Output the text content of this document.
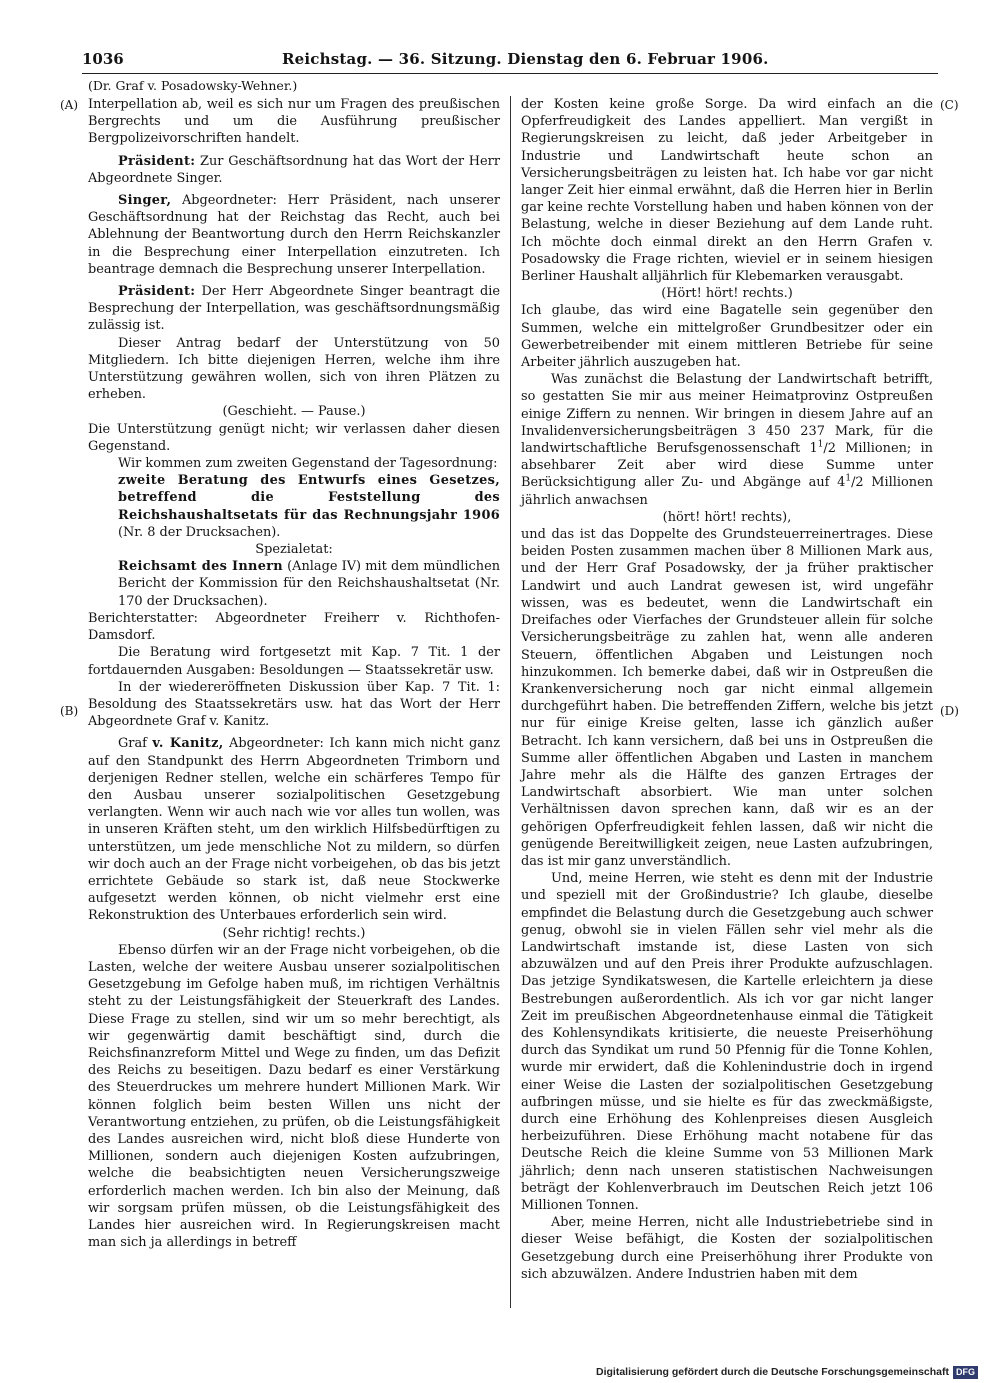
1036	Reichstag. — 36. Sitzung. Dienstag den 6. Februar 1906.
(Dr. Graf v. Posadowsky-Wehner.)
(A)
(B)
(C)
(D)

Interpellation ab, weil es sich nur um Fragen des preußischen Bergrechts und um die Ausführung preußischer Bergpolizeivorschriften handelt.

Präsident: Zur Geschäftsordnung hat das Wort der Herr Abgeordnete Singer.

Singer, Abgeordneter: Herr Präsident, nach unserer Geschäftsordnung hat der Reichstag das Recht, auch bei Ablehnung der Beantwortung durch den Herrn Reichskanzler in die Besprechung einer Interpellation einzutreten. Ich beantrage demnach die Besprechung unserer Interpellation.

Präsident: Der Herr Abgeordnete Singer beantragt die Besprechung der Interpellation, was geschäftsordnungsmäßig zulässig ist.

Dieser Antrag bedarf der Unterstützung von 50 Mitgliedern. Ich bitte diejenigen Herren, welche ihm ihre Unterstützung gewähren wollen, sich von ihren Plätzen zu erheben.

(Geschieht. — Pause.)

Die Unterstützung genügt nicht; wir verlassen daher diesen Gegenstand.

Wir kommen zum zweiten Gegenstand der Tagesordnung:

zweite Beratung des Entwurfs eines Gesetzes, betreffend die Feststellung des Reichshaushaltsetats für das Rechnungsjahr 1906 (Nr. 8 der Drucksachen).

Spezialetat:

Reichsamt des Innern (Anlage IV) mit dem mündlichen Bericht der Kommission für den Reichshaushaltsetat (Nr. 170 der Drucksachen).

Berichterstatter: Abgeordneter Freiherr v. Richthofen-Damsdorf.

Die Beratung wird fortgesetzt mit Kap. 7 Tit. 1 der fortdauernden Ausgaben: Besoldungen — Staatssekretär usw.

In der wiedereröffneten Diskussion über Kap. 7 Tit. 1: Besoldung des Staatssekretärs usw. hat das Wort der Herr Abgeordnete Graf v. Kanitz.

Graf v. Kanitz, Abgeordneter: Ich kann mich nicht ganz auf den Standpunkt des Herrn Abgeordneten Trimborn und derjenigen Redner stellen, welche ein schärferes Tempo für den Ausbau unserer sozialpolitischen Gesetzgebung verlangten. Wenn wir auch nach wie vor alles tun wollen, was in unseren Kräften steht, um den wirklich Hilfsbedürftigen zu unterstützen, um jede menschliche Not zu mildern, so dürfen wir doch auch an der Frage nicht vorbeigehen, ob das bis jetzt errichtete Gebäude so stark ist, daß neue Stockwerke aufgesetzt werden können, ob nicht vielmehr erst eine Rekonstruktion des Unterbaues erforderlich sein wird.

(Sehr richtig! rechts.)

Ebenso dürfen wir an der Frage nicht vorbeigehen, ob die Lasten, welche der weitere Ausbau unserer sozialpolitischen Gesetzgebung im Gefolge haben muß, im richtigen Verhältnis steht zu der Leistungsfähigkeit der Steuerkraft des Landes. Diese Frage zu stellen, sind wir um so mehr berechtigt, als wir gegenwärtig damit beschäftigt sind, durch die Reichsfinanzreform Mittel und Wege zu finden, um das Defizit des Reichs zu beseitigen. Dazu bedarf es einer Verstärkung des Steuerdruckes um mehrere hundert Millionen Mark. Wir können folglich beim besten Willen uns nicht der Verantwortung entziehen, zu prüfen, ob die Leistungsfähigkeit des Landes ausreichen wird, nicht bloß diese Hunderte von Millionen, sondern auch diejenigen Kosten aufzubringen, welche die beabsichtigten neuen Versicherungszweige erforderlich machen werden. Ich bin also der Meinung, daß wir sorgsam prüfen müssen, ob die Leistungsfähigkeit des Landes hier ausreichen wird. In Regierungskreisen macht man sich ja allerdings in betreff

der Kosten keine große Sorge. Da wird einfach an die Opferfreudigkeit des Landes appelliert. Man vergißt in Regierungskreisen zu leicht, daß jeder Arbeitgeber in Industrie und Landwirtschaft heute schon an Versicherungsbeiträgen zu leisten hat. Ich habe vor gar nicht langer Zeit hier einmal erwähnt, daß die Herren hier in Berlin gar keine rechte Vorstellung haben und haben können von der Belastung, welche in dieser Beziehung auf dem Lande ruht. Ich möchte doch einmal direkt an den Herrn Grafen v. Posadowsky die Frage richten, wieviel er in seinem hiesigen Berliner Haushalt alljährlich für Klebemarken verausgabt.

(Hört! hört! rechts.)

Ich glaube, das wird eine Bagatelle sein gegenüber den Summen, welche ein mittelgroßer Grundbesitzer oder ein Gewerbetreibender mit einem mittleren Betriebe für seine Arbeiter jährlich auszugeben hat.

Was zunächst die Belastung der Landwirtschaft betrifft, so gestatten Sie mir aus meiner Heimatprovinz Ostpreußen einige Ziffern zu nennen. Wir bringen in diesem Jahre auf an Invalidenversicherungsbeiträgen 3 450 237 Mark, für die landwirtschaftliche Berufsgenossenschaft $1^1/2$ Millionen; in absehbarer Zeit aber wird diese Summe unter Berücksichtigung aller Zu- und Abgänge auf $4^1/2$ Millionen jährlich anwachsen

(hört! hört! rechts),

und das ist das Doppelte des Grundsteuerreinertrages. Diese beiden Posten zusammen machen über 8 Millionen Mark aus, und der Herr Graf Posadowsky, der ja früher praktischer Landwirt und auch Landrat gewesen ist, wird ungefähr wissen, was es bedeutet, wenn die Landwirtschaft ein Dreifaches oder Vierfaches der Grundsteuer allein für solche Versicherungsbeiträge zu zahlen hat, wenn alle anderen Steuern, öffentlichen Abgaben und Leistungen noch hinzukommen. Ich bemerke dabei, daß wir in Ostpreußen die Krankenversicherung noch gar nicht einmal allgemein durchgeführt haben. Die betreffenden Ziffern, welche bis jetzt nur für einige Kreise gelten, lasse ich gänzlich außer Betracht. Ich kann versichern, daß bei uns in Ostpreußen die Summe aller öffentlichen Abgaben und Lasten in manchem Jahre mehr als die Hälfte des ganzen Ertrages der Landwirtschaft absorbiert. Wie man unter solchen Verhältnissen davon sprechen kann, daß wir es an der gehörigen Opferfreudigkeit fehlen lassen, daß wir nicht die genügende Bereitwilligkeit zeigen, neue Lasten aufzubringen, das ist mir ganz unverständlich.

Und, meine Herren, wie steht es denn mit der Industrie und speziell mit der Großindustrie? Ich glaube, dieselbe empfindet die Belastung durch die Gesetzgebung auch schwer genug, obwohl sie in vielen Fällen sehr viel mehr als die Landwirtschaft imstande ist, diese Lasten von sich abzuwälzen und auf den Preis ihrer Produkte aufzuschlagen. Das jetzige Syndikatswesen, die Kartelle erleichtern ja diese Bestrebungen außerordentlich. Als ich vor gar nicht langer Zeit im preußischen Abgeordnetenhause einmal die Tätigkeit des Kohlensyndikats kritisierte, die neueste Preiserhöhung durch das Syndikat um rund 50 Pfennig für die Tonne Kohlen, wurde mir erwidert, daß die Kohlenindustrie doch in irgend einer Weise die Lasten der sozialpolitischen Gesetzgebung aufbringen müsse, und sie hielte es für das zweckmäßigste, durch eine Erhöhung des Kohlenpreises diesen Ausgleich herbeizuführen. Diese Erhöhung macht notabene für das Deutsche Reich die kleine Summe von 53 Millionen Mark jährlich; denn nach unseren statistischen Nachweisungen beträgt der Kohlenverbrauch im Deutschen Reich jetzt 106 Millionen Tonnen.

Aber, meine Herren, nicht alle Industriebetriebe sind in dieser Weise befähigt, die Kosten der sozialpolitischen Gesetzgebung durch eine Preiserhöhung ihrer Produkte von sich abzuwälzen. Andere Industrien haben mit dem

Digitalisierung gefördert durch die Deutsche Forschungsgemeinschaft DFG
